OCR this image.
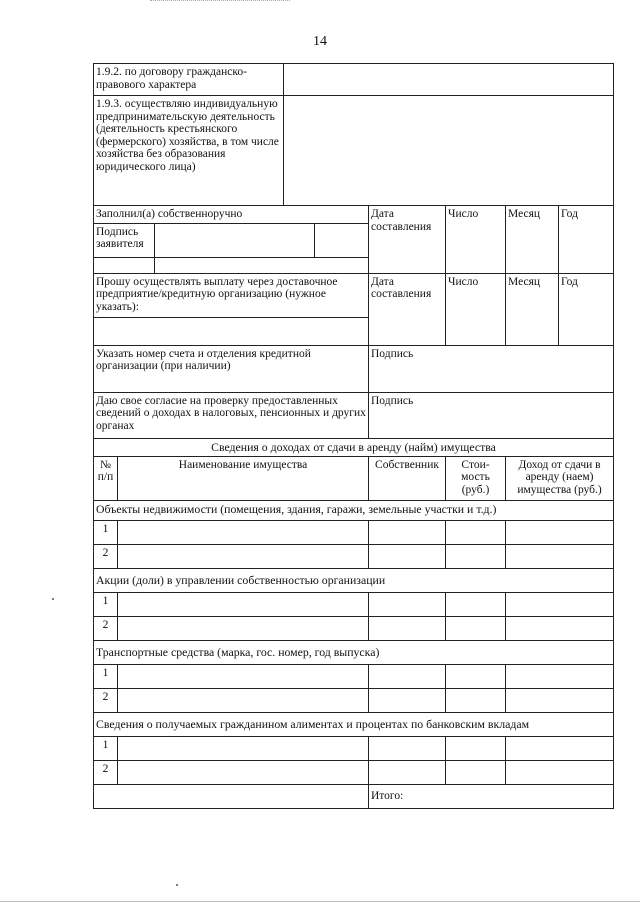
14
1.9.2. по договору гражданско-правового характера	
1.9.3. осуществляю индивидуальную предпринимательскую деятельность (деятельность крестьянского (фермерского) хозяйства, в том числе хозяйства без образования юридического лица)	
Заполнил(а) собственноручно			Дата составления	Число	Месяц	Год
Подпись заявителя						

Прошу осуществлять выплату через доставочное предприятие/кредитную организацию (нужное указать):	Дата составления	Число	Месяц	Год

Указать номер счета и отделения кредитной организации (при наличии)	Подпись			
Даю свое согласие на проверку предоставленных сведений о доходах в налоговых, пенсионных и других органах	Подпись			
Сведения о доходах от сдачи в аренду (найм) имущества				
№ п/п	Наименование имущества	Собственник	Стои-мость (руб.)	Доход от сдачи в аренду (наем) имущества (руб.)
Объекты недвижимости (помещения, здания, гаражи, земельные участки и т.д.)				
1				
2				
Акции (доли) в управлении собственностью организации				
1				
2				
Транспортные средства (марка, гос. номер, год выпуска)				
1				
2				
Сведения о получаемых гражданином алиментах и процентах по банковским вкладам				
1				
2				
		Итого:		
